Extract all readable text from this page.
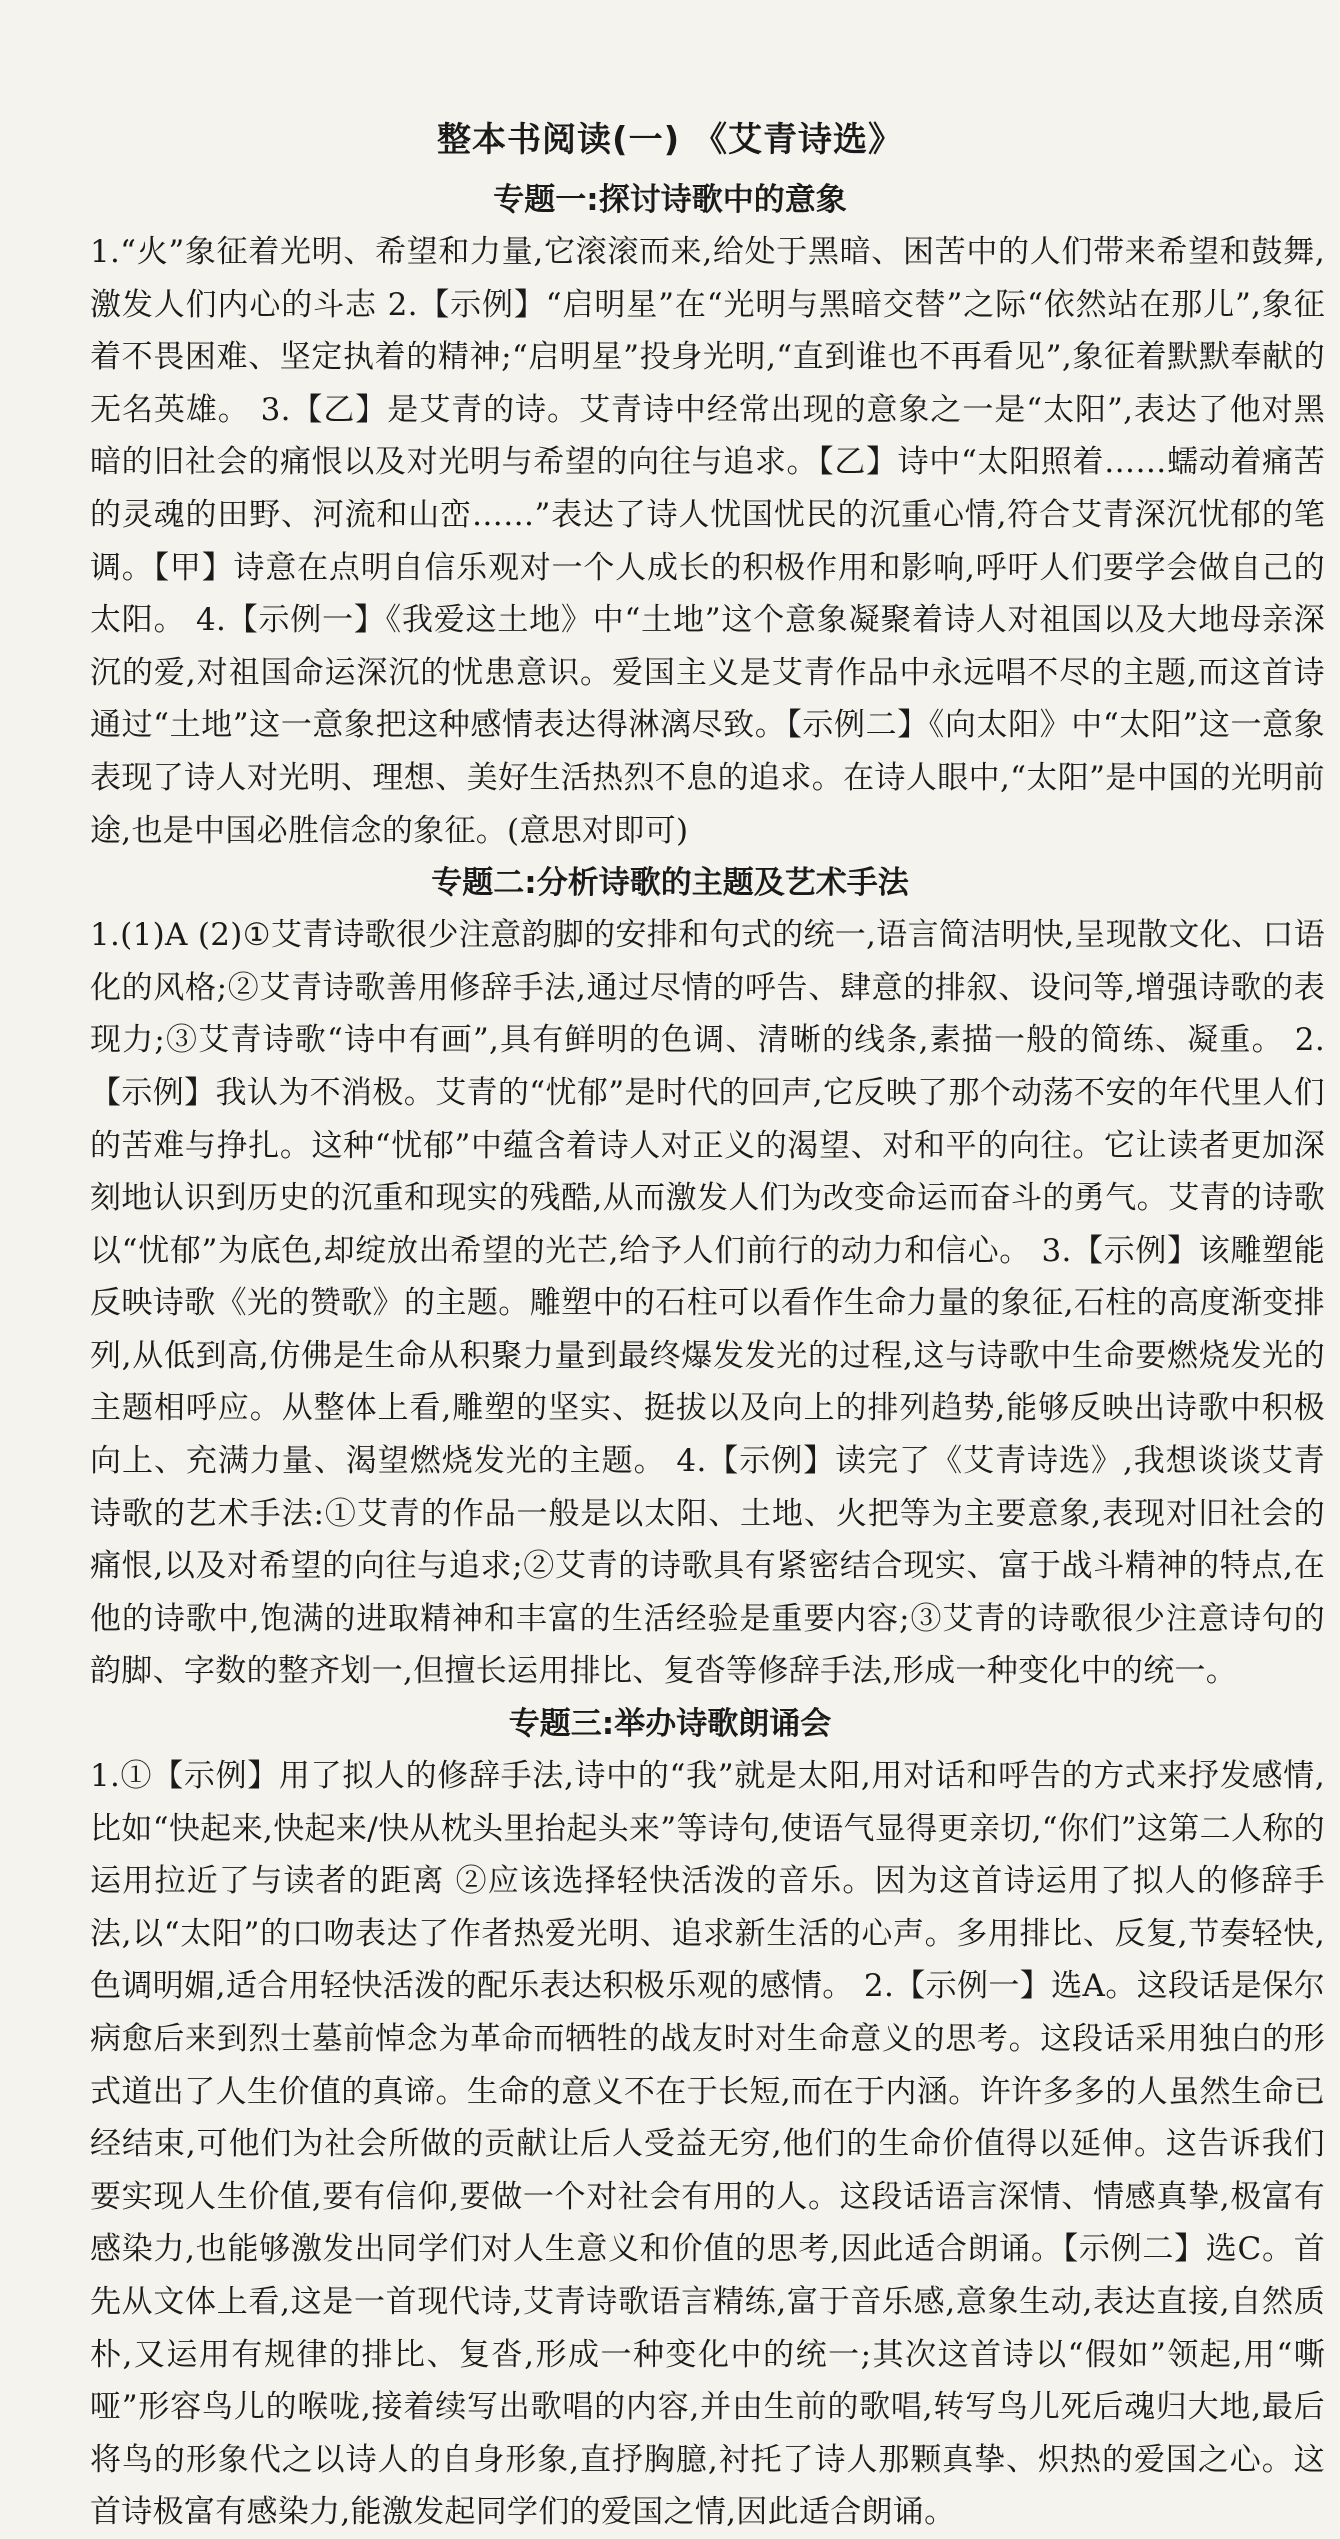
整本书阅读(一) 《艾青诗选》
专题一:探讨诗歌中的意象
1.“火”象征着光明、希望和力量,它滚滚而来,给处于黑暗、困苦中的人们带来希望和鼓舞,激发人们内心的斗志 2.【示例】“启明星”在“光明与黑暗交替”之际“依然站在那儿”,象征着不畏困难、坚定执着的精神;“启明星”投身光明,“直到谁也不再看见”,象征着默默奉献的无名英雄。 3.【乙】是艾青的诗。艾青诗中经常出现的意象之一是“太阳”,表达了他对黑暗的旧社会的痛恨以及对光明与希望的向往与追求。【乙】诗中“太阳照着……蠕动着痛苦的灵魂的田野、河流和山峦……”表达了诗人忧国忧民的沉重心情,符合艾青深沉忧郁的笔调。【甲】诗意在点明自信乐观对一个人成长的积极作用和影响,呼吁人们要学会做自己的太阳。 4.【示例一】《我爱这土地》中“土地”这个意象凝聚着诗人对祖国以及大地母亲深沉的爱,对祖国命运深沉的忧患意识。爱国主义是艾青作品中永远唱不尽的主题,而这首诗通过“土地”这一意象把这种感情表达得淋漓尽致。【示例二】《向太阳》中“太阳”这一意象表现了诗人对光明、理想、美好生活热烈不息的追求。在诗人眼中,“太阳”是中国的光明前途,也是中国必胜信念的象征。(意思对即可)
专题二:分析诗歌的主题及艺术手法
1.(1)A (2)①艾青诗歌很少注意韵脚的安排和句式的统一,语言简洁明快,呈现散文化、口语化的风格;②艾青诗歌善用修辞手法,通过尽情的呼告、肆意的排叙、设问等,增强诗歌的表现力;③艾青诗歌“诗中有画”,具有鲜明的色调、清晰的线条,素描一般的简练、凝重。 2.【示例】我认为不消极。艾青的“忧郁”是时代的回声,它反映了那个动荡不安的年代里人们的苦难与挣扎。这种“忧郁”中蕴含着诗人对正义的渴望、对和平的向往。它让读者更加深刻地认识到历史的沉重和现实的残酷,从而激发人们为改变命运而奋斗的勇气。艾青的诗歌以“忧郁”为底色,却绽放出希望的光芒,给予人们前行的动力和信心。 3.【示例】该雕塑能反映诗歌《光的赞歌》的主题。雕塑中的石柱可以看作生命力量的象征,石柱的高度渐变排列,从低到高,仿佛是生命从积聚力量到最终爆发发光的过程,这与诗歌中生命要燃烧发光的主题相呼应。从整体上看,雕塑的坚实、挺拔以及向上的排列趋势,能够反映出诗歌中积极向上、充满力量、渴望燃烧发光的主题。 4.【示例】读完了《艾青诗选》,我想谈谈艾青诗歌的艺术手法:①艾青的作品一般是以太阳、土地、火把等为主要意象,表现对旧社会的痛恨,以及对希望的向往与追求;②艾青的诗歌具有紧密结合现实、富于战斗精神的特点,在他的诗歌中,饱满的进取精神和丰富的生活经验是重要内容;③艾青的诗歌很少注意诗句的韵脚、字数的整齐划一,但擅长运用排比、复沓等修辞手法,形成一种变化中的统一。
专题三:举办诗歌朗诵会
1.①【示例】用了拟人的修辞手法,诗中的“我”就是太阳,用对话和呼告的方式来抒发感情,比如“快起来,快起来/快从枕头里抬起头来”等诗句,使语气显得更亲切,“你们”这第二人称的运用拉近了与读者的距离 ②应该选择轻快活泼的音乐。因为这首诗运用了拟人的修辞手法,以“太阳”的口吻表达了作者热爱光明、追求新生活的心声。多用排比、反复,节奏轻快,色调明媚,适合用轻快活泼的配乐表达积极乐观的感情。 2.【示例一】选A。这段话是保尔病愈后来到烈士墓前悼念为革命而牺牲的战友时对生命意义的思考。这段话采用独白的形式道出了人生价值的真谛。生命的意义不在于长短,而在于内涵。许许多多的人虽然生命已经结束,可他们为社会所做的贡献让后人受益无穷,他们的生命价值得以延伸。这告诉我们要实现人生价值,要有信仰,要做一个对社会有用的人。这段话语言深情、情感真挚,极富有感染力,也能够激发出同学们对人生意义和价值的思考,因此适合朗诵。【示例二】选C。首先从文体上看,这是一首现代诗,艾青诗歌语言精练,富于音乐感,意象生动,表达直接,自然质朴,又运用有规律的排比、复沓,形成一种变化中的统一;其次这首诗以“假如”领起,用“嘶哑”形容鸟儿的喉咙,接着续写出歌唱的内容,并由生前的歌唱,转写鸟儿死后魂归大地,最后将鸟的形象代之以诗人的自身形象,直抒胸臆,衬托了诗人那颗真挚、炽热的爱国之心。这首诗极富有感染力,能激发起同学们的爱国之情,因此适合朗诵。
